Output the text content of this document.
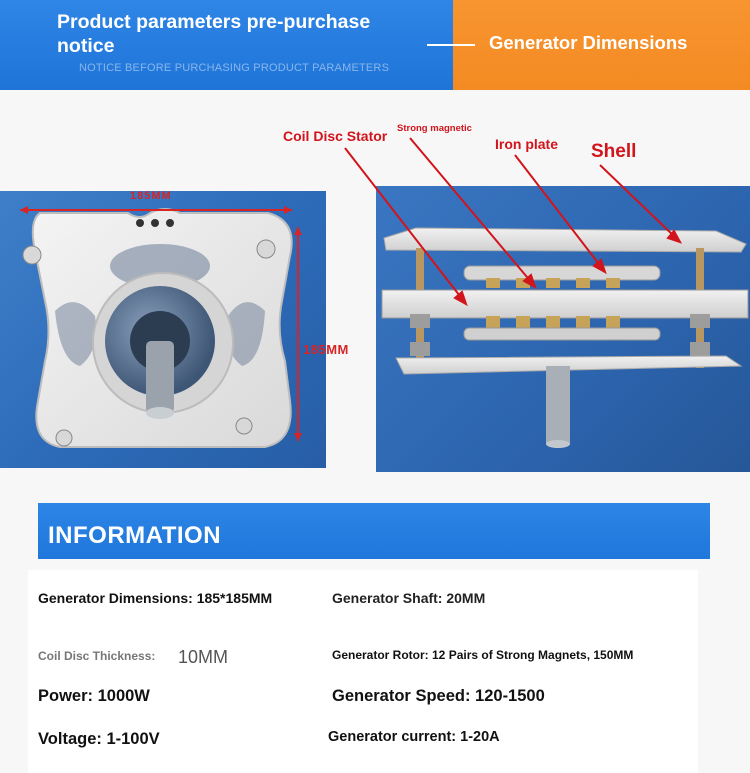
Product parameters pre-purchase notice
NOTICE BEFORE PURCHASING PRODUCT PARAMETERS
Generator Dimensions
185MM
185MM
Coil Disc Stator Strong magnetic
Iron plate Shell
INFORMATION
Generator Dimensions: 185*185MM	Generator Shaft: 20MM
Coil Disc Thickness: 10MM	Generator Rotor: 12 Pairs of Strong Magnets, 150MM
Power: 1000W	Generator Speed: 120-1500
Voltage: 1-100V	Generator current: 1-20A
